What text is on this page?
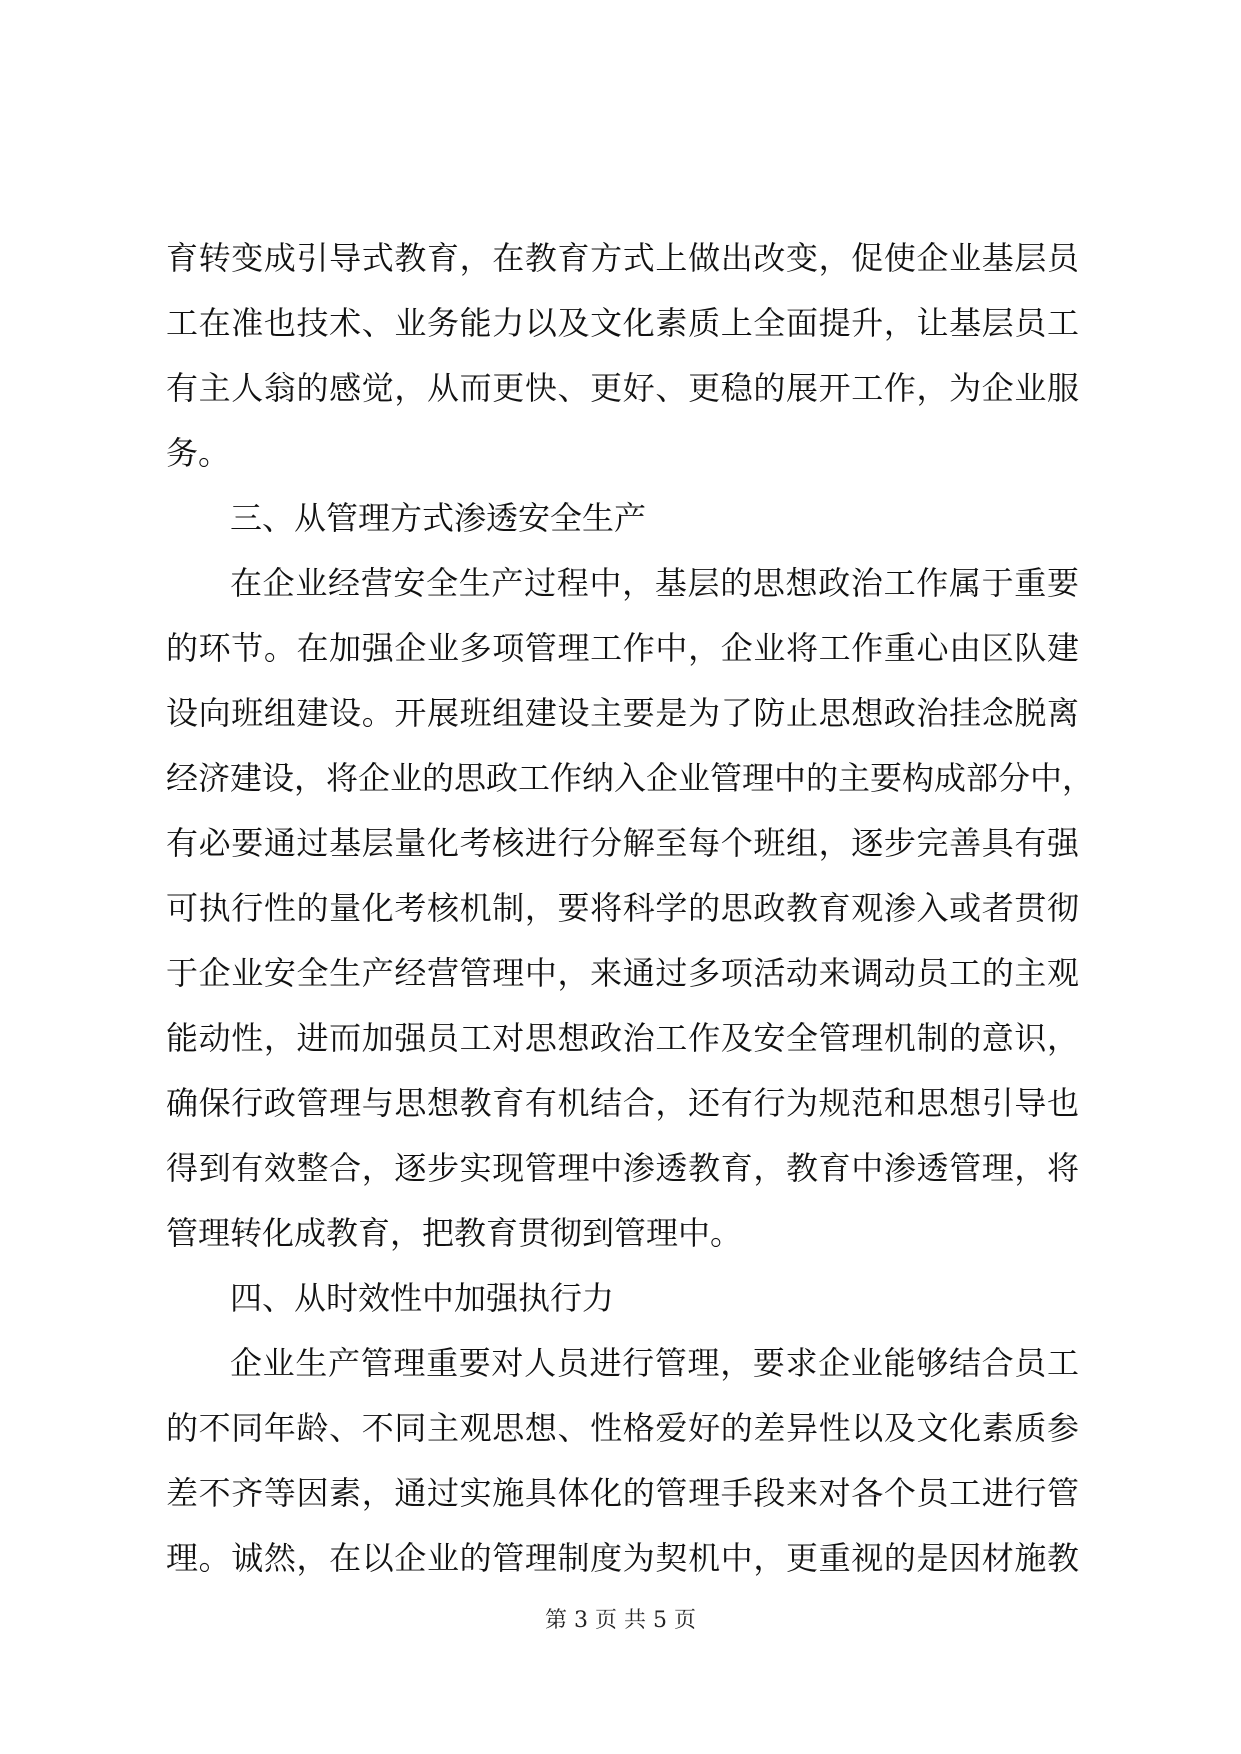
育转变成引导式教育，在教育方式上做出改变，促使企业基层员
工在准也技术、业务能力以及文化素质上全面提升，让基层员工
有主人翁的感觉，从而更快、更好、更稳的展开工作，为企业服
务。
三、从管理方式渗透安全生产
在企业经营安全生产过程中，基层的思想政治工作属于重要
的环节。在加强企业多项管理工作中，企业将工作重心由区队建
设向班组建设。开展班组建设主要是为了防止思想政治挂念脱离
经济建设，将企业的思政工作纳入企业管理中的主要构成部分中，
有必要通过基层量化考核进行分解至每个班组，逐步完善具有强
可执行性的量化考核机制，要将科学的思政教育观渗入或者贯彻
于企业安全生产经营管理中，来通过多项活动来调动员工的主观
能动性，进而加强员工对思想政治工作及安全管理机制的意识，
确保行政管理与思想教育有机结合，还有行为规范和思想引导也
得到有效整合，逐步实现管理中渗透教育，教育中渗透管理，将
管理转化成教育，把教育贯彻到管理中。
四、从时效性中加强执行力
企业生产管理重要对人员进行管理，要求企业能够结合员工
的不同年龄、不同主观思想、性格爱好的差异性以及文化素质参
差不齐等因素，通过实施具体化的管理手段来对各个员工进行管
理。诚然，在以企业的管理制度为契机中，更重视的是因材施教
第 3 页 共 5 页
